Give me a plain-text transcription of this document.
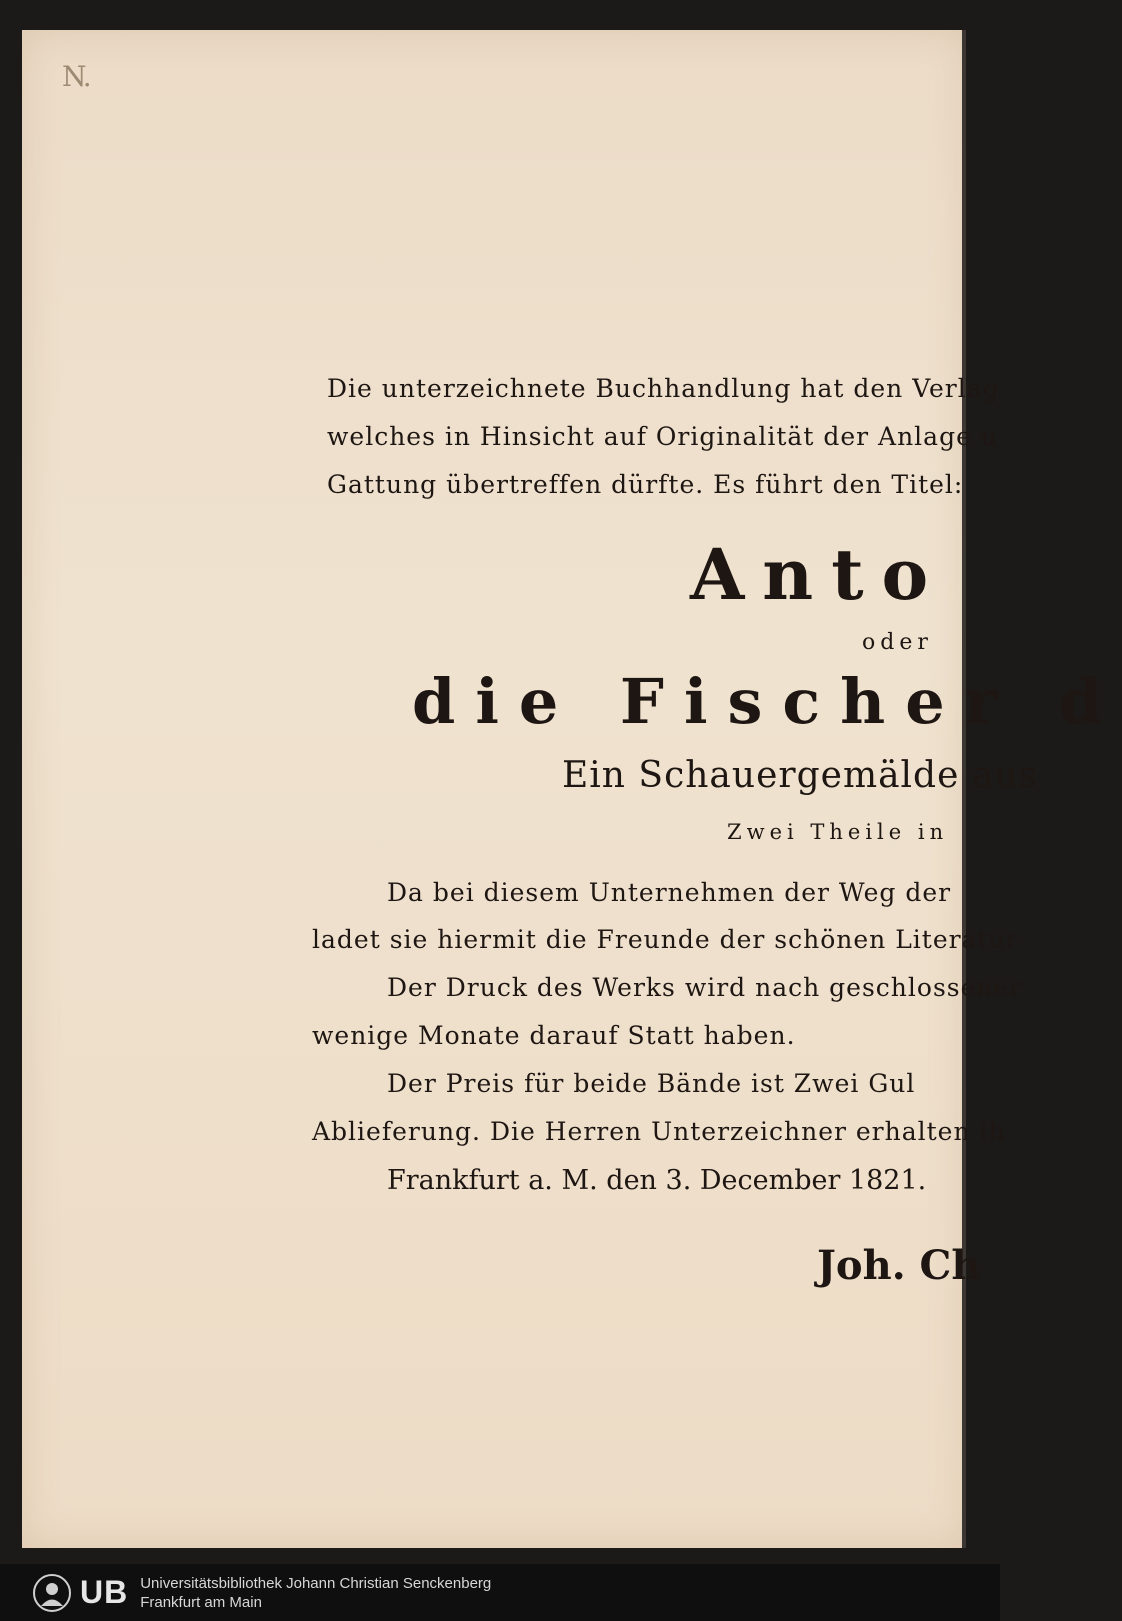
N.
Die unterzeichnete Buchhandlung hat den Verlag
welches in Hinsicht auf Originalität der Anlage u
Gattung übertreffen dürfte. Es führt den Titel:
Anto
oder
die Fischer d
Ein Schauergemälde aus
Zwei Theile in
Da bei diesem Unternehmen der Weg der
ladet sie hiermit die Freunde der schönen Literatur
Der Druck des Werks wird nach geschlossener
wenige Monate darauf Statt haben.
Der Preis für beide Bände ist Zwei Gul
Ablieferung. Die Herren Unterzeichner erhalten ih
Frankfurt a. M. den 3. December 1821.
Joh. Ch
UB Universitätsbibliothek Johann Christian Senckenberg
Frankfurt am Main
